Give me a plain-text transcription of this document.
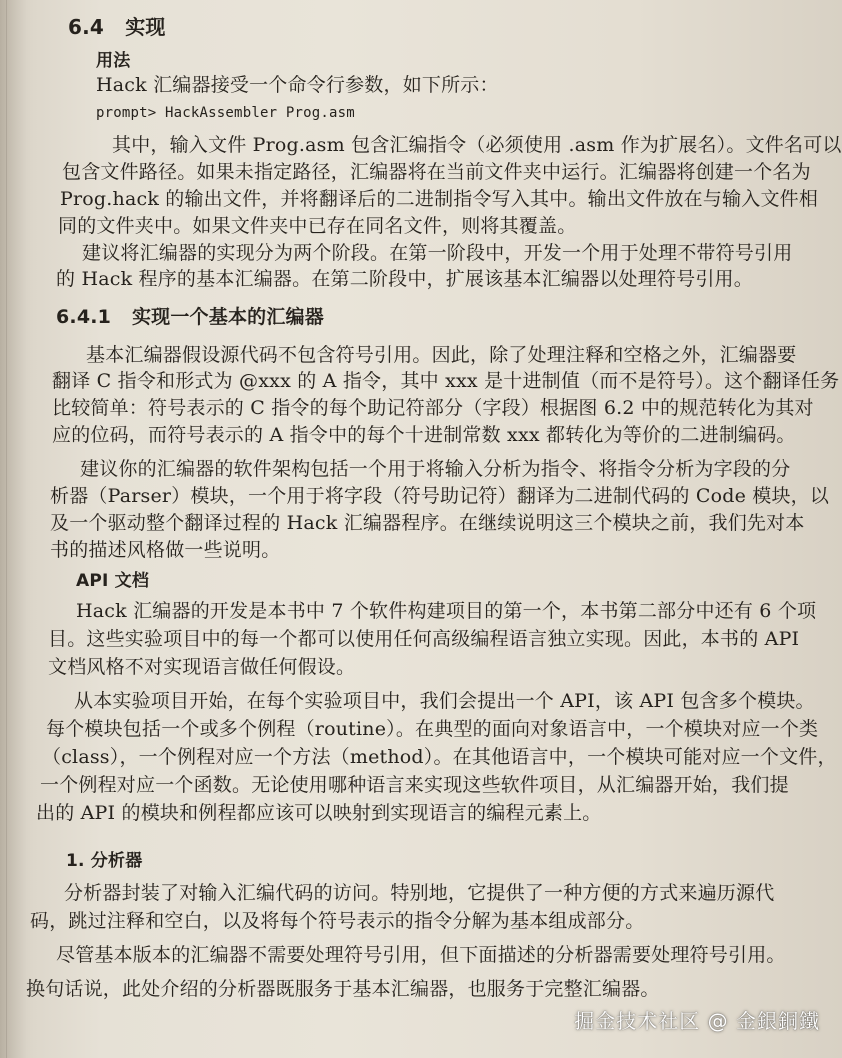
6.4 实现
用法
Hack 汇编器接受一个命令行参数，如下所示：
prompt> HackAssembler Prog.asm
其中，输入文件 Prog.asm 包含汇编指令（必须使用 .asm 作为扩展名）。文件名可以
包含文件路径。如果未指定路径，汇编器将在当前文件夹中运行。汇编器将创建一个名为
Prog.hack 的输出文件，并将翻译后的二进制指令写入其中。输出文件放在与输入文件相
同的文件夹中。如果文件夹中已存在同名文件，则将其覆盖。
建议将汇编器的实现分为两个阶段。在第一阶段中，开发一个用于处理不带符号引用
的 Hack 程序的基本汇编器。在第二阶段中，扩展该基本汇编器以处理符号引用。
6.4.1 实现一个基本的汇编器
基本汇编器假设源代码不包含符号引用。因此，除了处理注释和空格之外，汇编器要
翻译 C 指令和形式为 @xxx 的 A 指令，其中 xxx 是十进制值（而不是符号）。这个翻译任务
比较简单：符号表示的 C 指令的每个助记符部分（字段）根据图 6.2 中的规范转化为其对
应的位码，而符号表示的 A 指令中的每个十进制常数 xxx 都转化为等价的二进制编码。
建议你的汇编器的软件架构包括一个用于将输入分析为指令、将指令分析为字段的分
析器（Parser）模块，一个用于将字段（符号助记符）翻译为二进制代码的 Code 模块，以
及一个驱动整个翻译过程的 Hack 汇编器程序。在继续说明这三个模块之前，我们先对本
书的描述风格做一些说明。
API 文档
Hack 汇编器的开发是本书中 7 个软件构建项目的第一个，本书第二部分中还有 6 个项
目。这些实验项目中的每一个都可以使用任何高级编程语言独立实现。因此，本书的 API
文档风格不对实现语言做任何假设。
从本实验项目开始，在每个实验项目中，我们会提出一个 API，该 API 包含多个模块。
每个模块包括一个或多个例程（routine）。在典型的面向对象语言中，一个模块对应一个类
（class），一个例程对应一个方法（method）。在其他语言中，一个模块可能对应一个文件，
一个例程对应一个函数。无论使用哪种语言来实现这些软件项目，从汇编器开始，我们提
出的 API 的模块和例程都应该可以映射到实现语言的编程元素上。
1. 分析器
分析器封装了对输入汇编代码的访问。特别地，它提供了一种方便的方式来遍历源代
码，跳过注释和空白，以及将每个符号表示的指令分解为基本组成部分。
尽管基本版本的汇编器不需要处理符号引用，但下面描述的分析器需要处理符号引用。
换句话说，此处介绍的分析器既服务于基本汇编器，也服务于完整汇编器。
掘金技术社区 @ 金銀銅鐵
